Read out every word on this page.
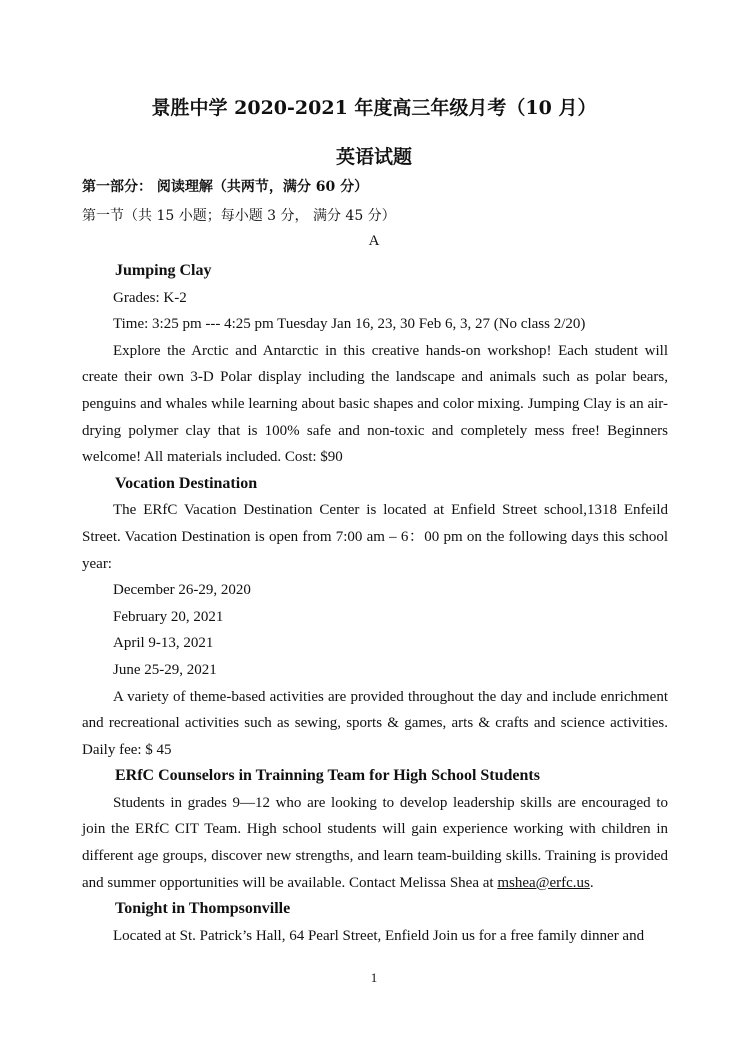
景胜中学 2020-2021 年度高三年级月考（10 月）
英语试题
第一部分： 阅读理解（共两节，满分 60 分）
第一节（共 15 小题；每小题 3 分， 满分 45 分）
A

Jumping Clay

Grades: K-2

Time: 3:25 pm --- 4:25 pm Tuesday Jan 16, 23, 30 Feb 6, 3, 27 (No class 2/20)

Explore the Arctic and Antarctic in this creative hands-on workshop! Each student will create their own 3-D Polar display including the landscape and animals such as polar bears, penguins and whales while learning about basic shapes and color mixing. Jumping Clay is an air-drying polymer clay that is 100% safe and non-toxic and completely mess free! Beginners welcome! All materials included. Cost: $90

Vocation Destination

The ERfC Vacation Destination Center is located at Enfield Street school,1318 Enfeild Street. Vacation Destination is open from 7:00 am – 6：00 pm on the following days this school year:

December 26-29, 2020

February 20, 2021

April 9-13, 2021

June 25-29, 2021

A variety of theme-based activities are provided throughout the day and include enrichment and recreational activities such as sewing, sports & games, arts & crafts and science activities. Daily fee: $ 45

ERfC Counselors in Trainning Team for High School Students

Students in grades 9—12 who are looking to develop leadership skills are encouraged to join the ERfC CIT Team. High school students will gain experience working with children in different age groups, discover new strengths, and learn team-building skills. Training is provided and summer opportunities will be available. Contact Melissa Shea at mshea@erfc.us.

Tonight in Thompsonville

Located at St. Patrick’s Hall, 64 Pearl Street, Enfield Join us for a free family dinner and

1
